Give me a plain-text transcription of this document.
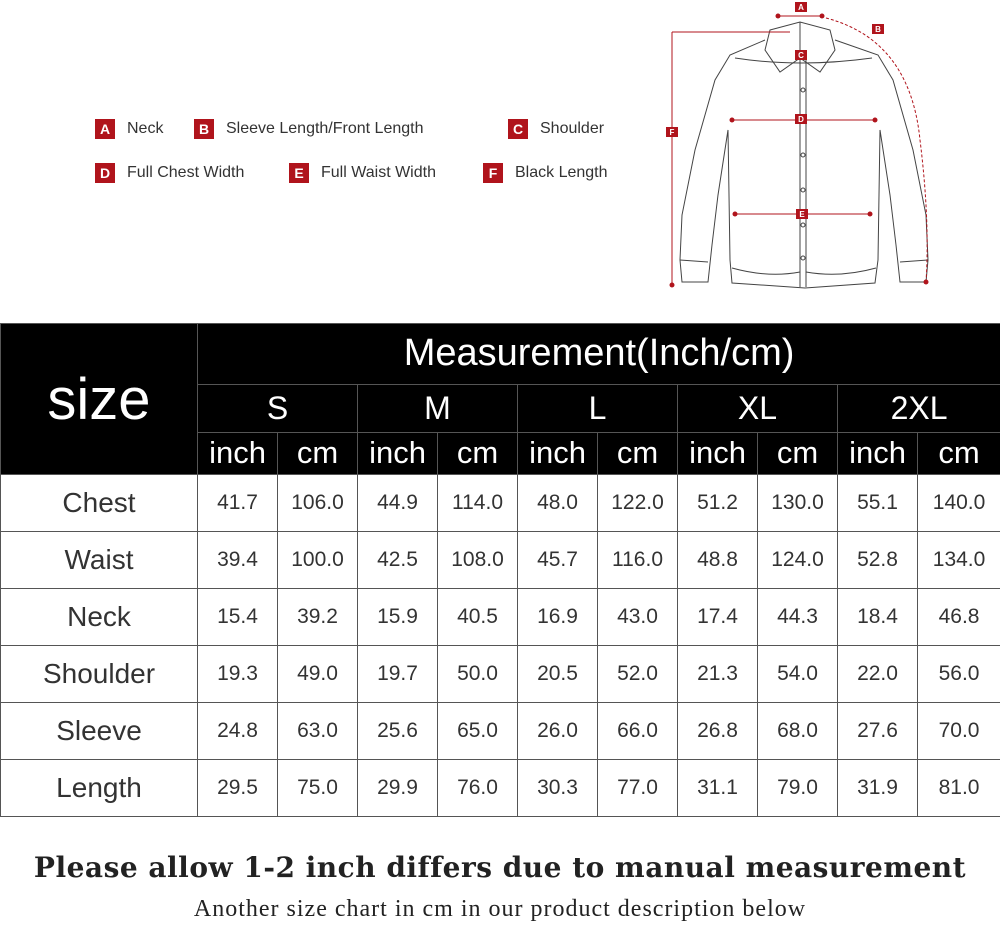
A	Neck	B	Sleeve Length/Front Length	C	Shoulder
D	Full Chest Width	E	Full Waist Width	F	Black Length
A
B
C
D
E
F
size	Measurement(Inch/cm)									
	S		M		L		XL		2XL	
	inch	cm	inch	cm	inch	cm	inch	cm	inch	cm
Chest	41.7	106.0	44.9	114.0	48.0	122.0	51.2	130.0	55.1	140.0
Waist	39.4	100.0	42.5	108.0	45.7	116.0	48.8	124.0	52.8	134.0
Neck	15.4	39.2	15.9	40.5	16.9	43.0	17.4	44.3	18.4	46.8
Shoulder	19.3	49.0	19.7	50.0	20.5	52.0	21.3	54.0	22.0	56.0
Sleeve	24.8	63.0	25.6	65.0	26.0	66.0	26.8	68.0	27.6	70.0
Length	29.5	75.0	29.9	76.0	30.3	77.0	31.1	79.0	31.9	81.0
Please allow 1-2 inch differs due to manual measurement
Another size chart in cm in our product description below
